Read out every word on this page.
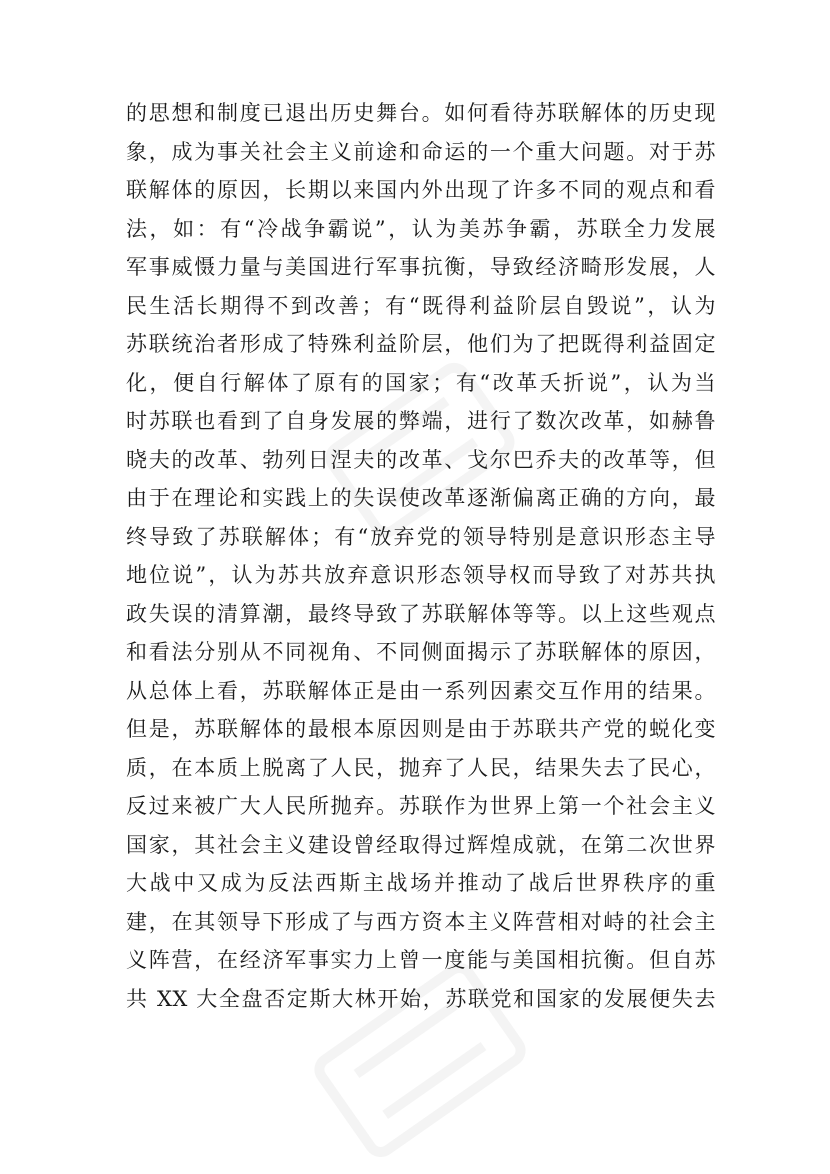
的思想和制度已退出历史舞台。如何看待苏联解体的历史现
象，成为事关社会主义前途和命运的一个重大问题。对于苏
联解体的原因，长期以来国内外出现了许多不同的观点和看
法，如：有“冷战争霸说”，认为美苏争霸，苏联全力发展
军事威慑力量与美国进行军事抗衡，导致经济畸形发展，人
民生活长期得不到改善；有“既得利益阶层自毁说”，认为
苏联统治者形成了特殊利益阶层，他们为了把既得利益固定
化，便自行解体了原有的国家；有“改革夭折说”，认为当
时苏联也看到了自身发展的弊端，进行了数次改革，如赫鲁
晓夫的改革、勃列日涅夫的改革、戈尔巴乔夫的改革等，但
由于在理论和实践上的失误使改革逐渐偏离正确的方向，最
终导致了苏联解体；有“放弃党的领导特别是意识形态主导
地位说”，认为苏共放弃意识形态领导权而导致了对苏共执
政失误的清算潮，最终导致了苏联解体等等。以上这些观点
和看法分别从不同视角、不同侧面揭示了苏联解体的原因，
从总体上看，苏联解体正是由一系列因素交互作用的结果。
但是，苏联解体的最根本原因则是由于苏联共产党的蜕化变
质，在本质上脱离了人民，抛弃了人民，结果失去了民心，
反过来被广大人民所抛弃。苏联作为世界上第一个社会主义
国家，其社会主义建设曾经取得过辉煌成就，在第二次世界
大战中又成为反法西斯主战场并推动了战后世界秩序的重
建，在其领导下形成了与西方资本主义阵营相对峙的社会主
义阵营，在经济军事实力上曾一度能与美国相抗衡。但自苏
共 XX 大全盘否定斯大林开始，苏联党和国家的发展便失去
